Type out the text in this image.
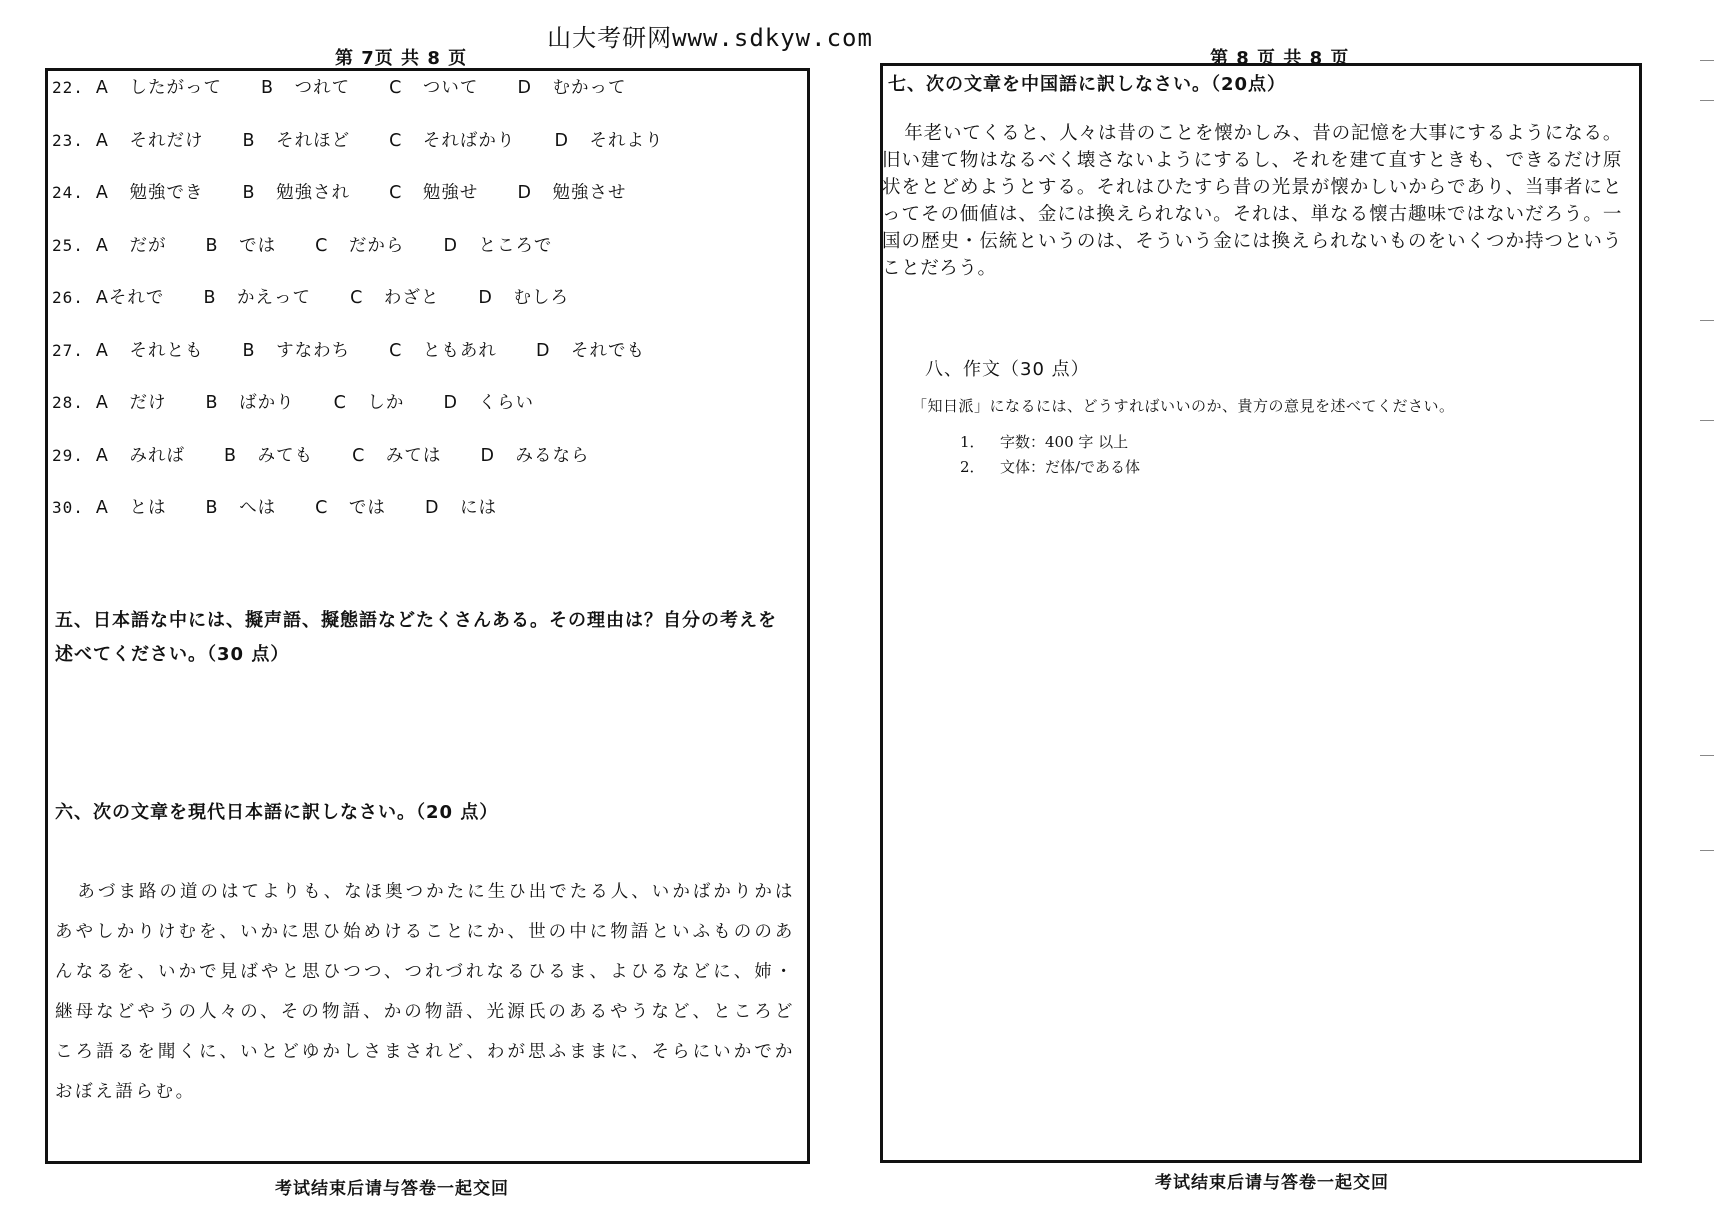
山大考研网www.sdkyw.com
第 7页 共 8 页
22. A したがって　 B つれて　 C ついて　 D むかって
23. A それだけ　 B それほど　 C そればかり　 D それより
24. A 勉強でき　 B 勉強され　 C 勉強せ　 D 勉強させ
25. A だが　 B では　 C だから　 D ところで
26. Aそれで　 B かえって　 C わざと　 D むしろ
27. A それとも　 B すなわち　 C ともあれ　 D それでも
28. A だけ　 B ばかり　 C しか　 D くらい
29. A みれば　 B みても　 C みては　 D みるなら
30. A とは　 B へは　 C では　 D には
五、日本語な中には、擬声語、擬態語などたくさんある。その理由は？自分の考えを述べてください。（30 点）
六、次の文章を現代日本語に訳しなさい。（20 点）
あづま路の道のはてよりも、なほ奥つかたに生ひ出でたる人、いかばかりかはあやしかりけむを、いかに思ひ始めけることにか、世の中に物語といふもののあんなるを、いかで見ばやと思ひつつ、つれづれなるひるま、よひるなどに、姉・継母などやうの人々の、その物語、かの物語、光源氏のあるやうなど、ところどころ語るを聞くに、いとどゆかしさまされど、わが思ふままに、そらにいかでかおぼえ語らむ。
考试结束后请与答卷一起交回
第 8 页 共 8 页
七、次の文章を中国語に訳しなさい。（20点）
年老いてくると、人々は昔のことを懐かしみ、昔の記憶を大事にするようになる。旧い建て物はなるべく壊さないようにするし、それを建て直すときも、できるだけ原状をとどめようとする。それはひたすら昔の光景が懐かしいからであり、当事者にとってその価値は、金には換えられない。それは、単なる懐古趣味ではないだろう。一国の歴史・伝統というのは、そういう金には換えられないものをいくつか持つということだろう。
八、作文（30 点）
「知日派」になるには、どうすればいいのか、貴方の意見を述べてください。
1． 字数：400 字 以上
2． 文体：だ体/である体
考试结束后请与答卷一起交回
